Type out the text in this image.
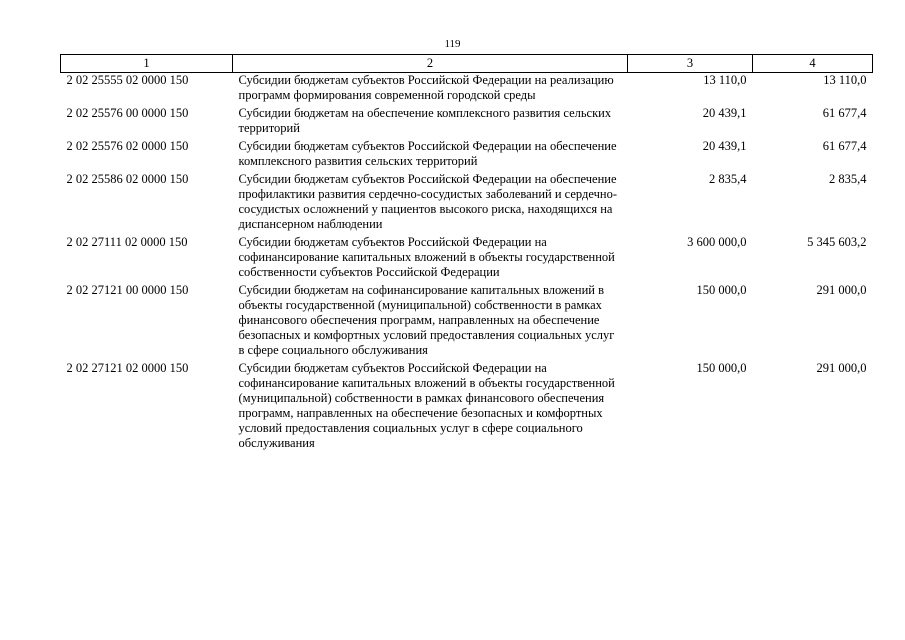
119
1	2	3	4
2 02 25555 02 0000 150	Субсидии бюджетам субъектов Российской Федерации на реализацию программ формирования современной городской среды	13 110,0	13 110,0
2 02 25576 00 0000 150	Субсидии бюджетам на обеспечение комплексного развития сельских территорий	20 439,1	61 677,4
2 02 25576 02 0000 150	Субсидии бюджетам субъектов Российской Федерации на обеспечение комплексного развития сельских территорий	20 439,1	61 677,4
2 02 25586 02 0000 150	Субсидии бюджетам субъектов Российской Федерации на обеспечение профилактики развития сердечно-сосудистых заболеваний и сердечно-сосудистых осложнений у пациентов высокого риска, находящихся на диспансерном наблюдении	2 835,4	2 835,4
2 02 27111 02 0000 150	Субсидии бюджетам субъектов Российской Федерации на софинансирование капитальных вложений в объекты государственной собственности субъектов Российской Федерации	3 600 000,0	5 345 603,2
2 02 27121 00 0000 150	Субсидии бюджетам на софинансирование капитальных вложений в объекты государственной (муниципальной) собственности в рамках финансового обеспечения программ, направленных на обеспечение безопасных и комфортных условий предоставления социальных услуг в сфере социального обслуживания	150 000,0	291 000,0
2 02 27121 02 0000 150	Субсидии бюджетам субъектов Российской Федерации на софинансирование капитальных вложений в объекты государственной (муниципальной) собственности в рамках финансового обеспечения программ, направленных на обеспечение безопасных и комфортных условий предоставления социальных услуг в сфере социального обслуживания	150 000,0	291 000,0
